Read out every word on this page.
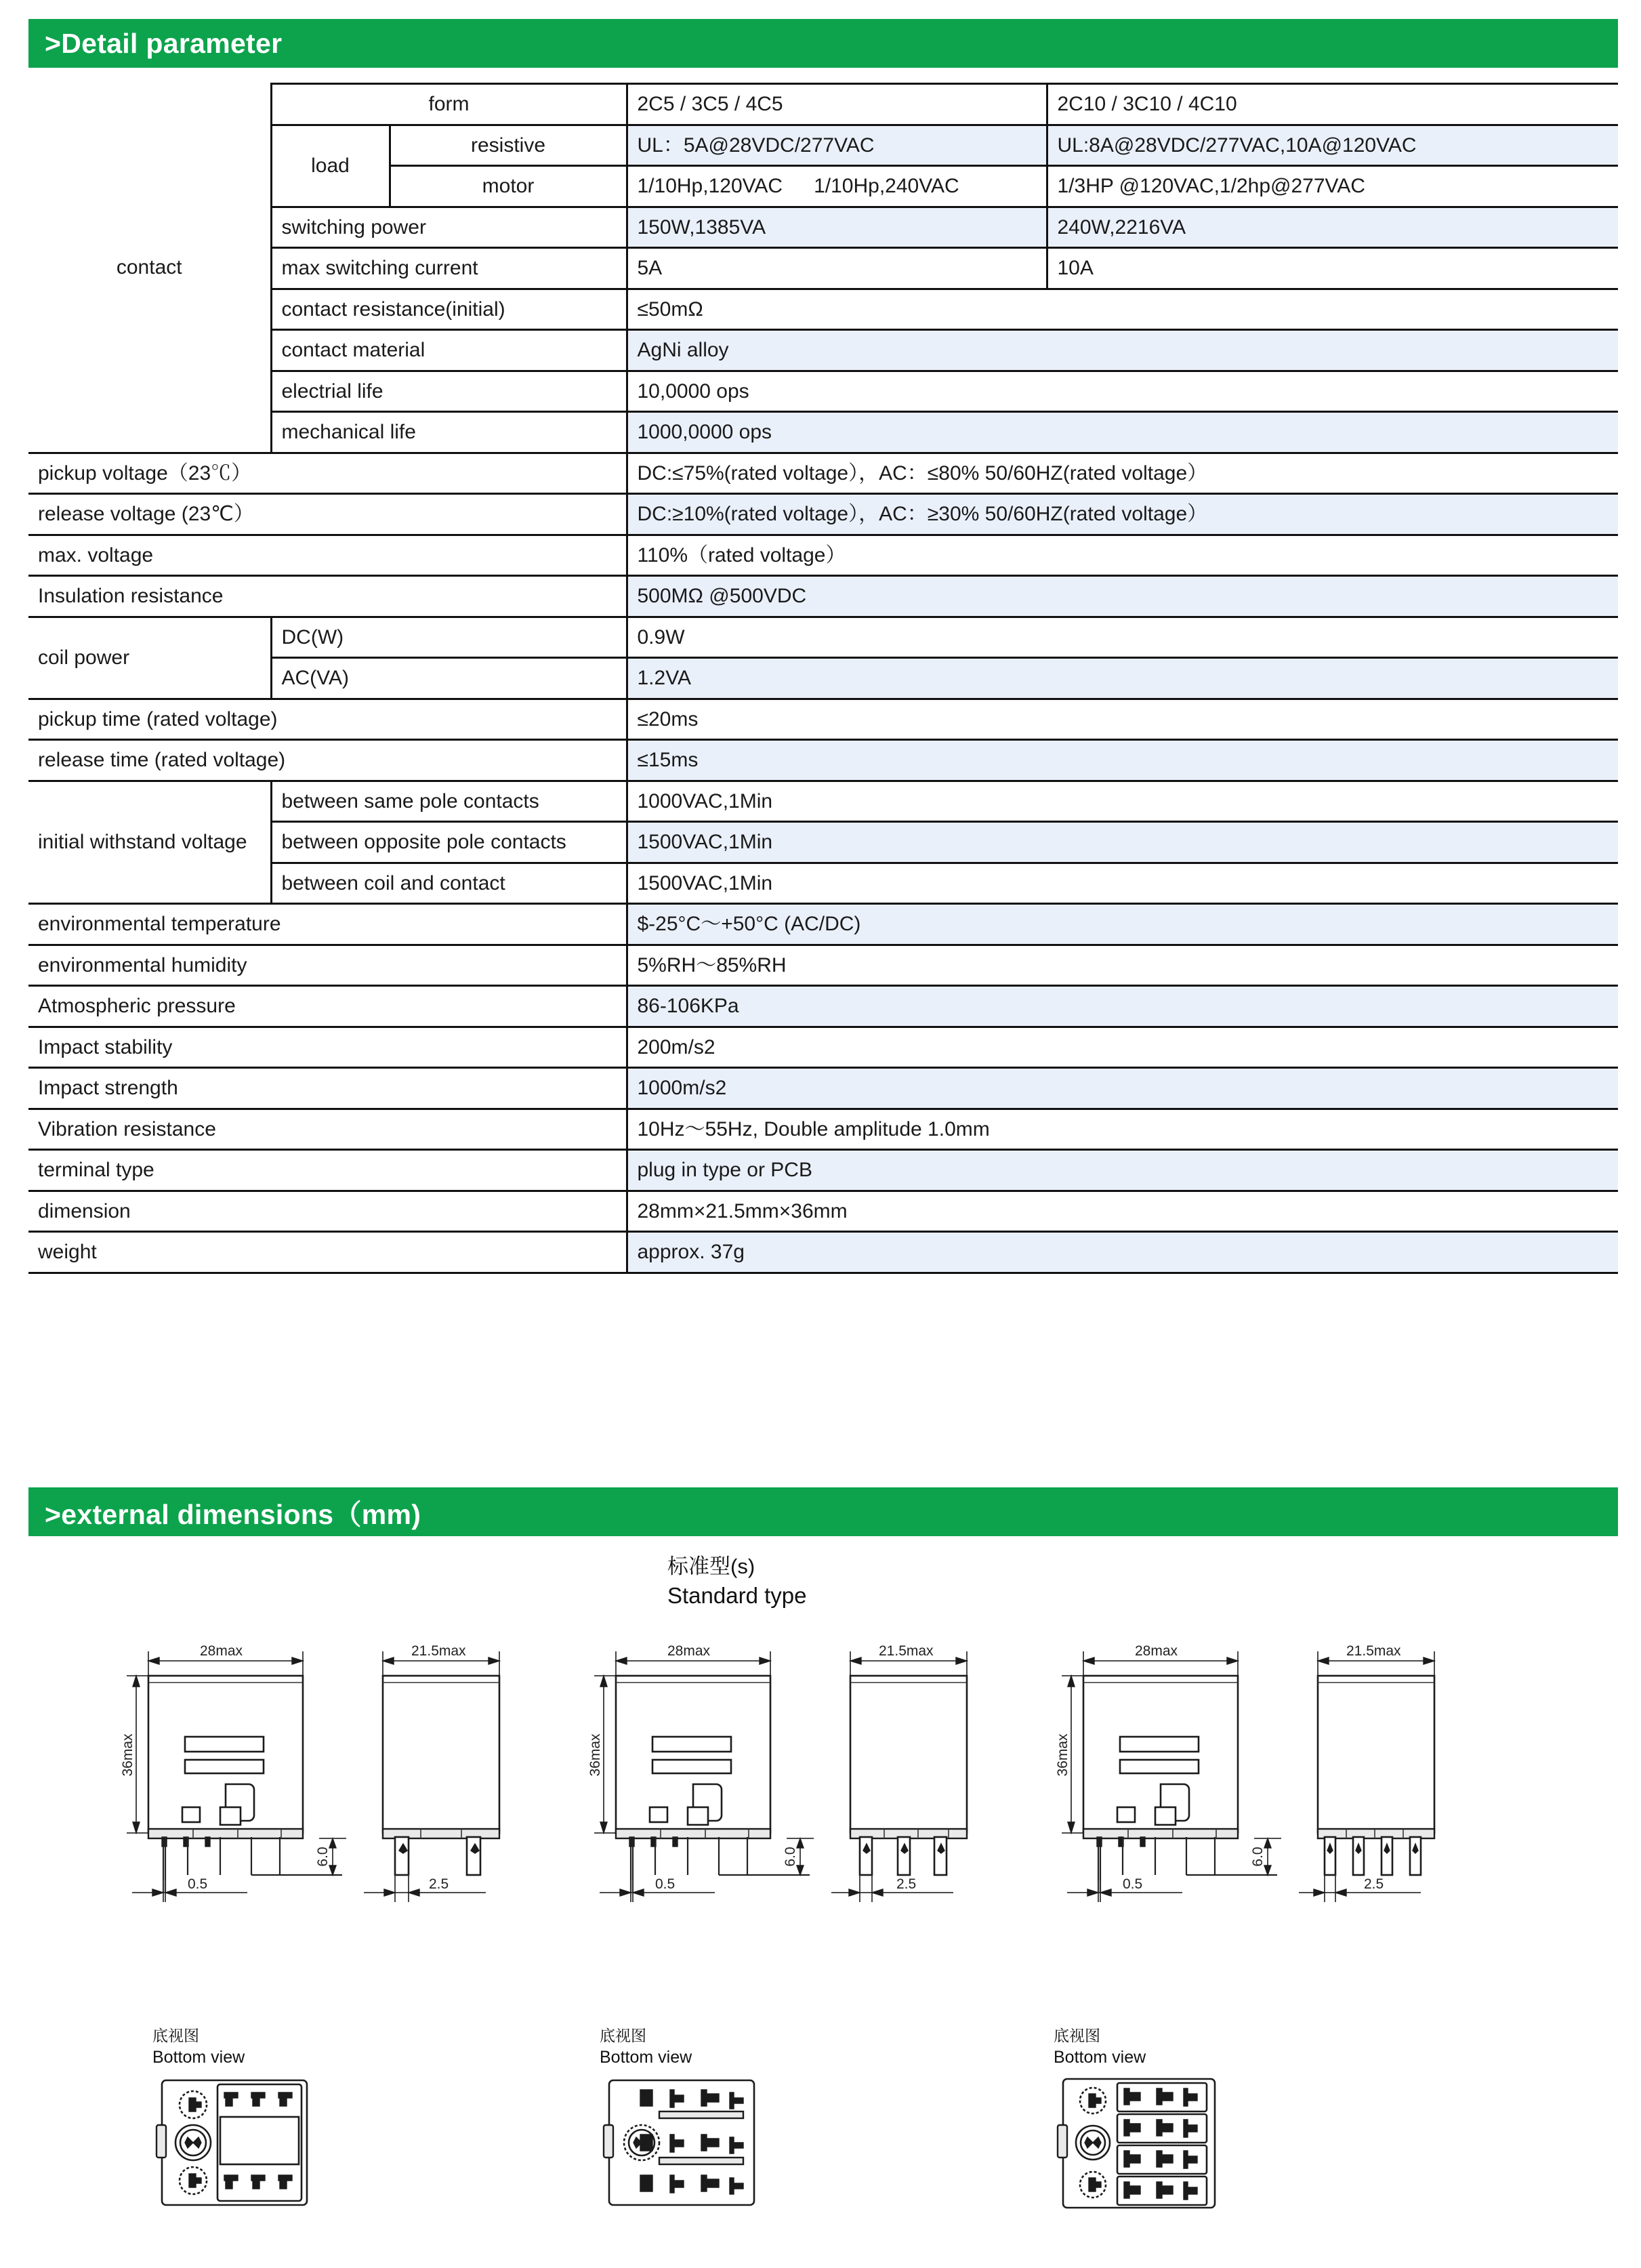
>Detail parameter
contact	form		2C5 / 3C5 / 4C5	2C10 / 3C10 / 4C10
	load	resistive	UL：5A@28VDC/277VAC	UL:8A@28VDC/277VAC,10A@120VAC
		motor	1/10Hp,120VAC 1/10Hp,240VAC	1/3HP @120VAC,1/2hp@277VAC
	switching power		150W,1385VA	240W,2216VA
	max switching current		5A	10A
	contact resistance(initial)		≤50mΩ	
	contact material		AgNi alloy	
	electrial life		10,0000 ops	
	mechanical life		1000,0000 ops	
pickup voltage（23℃）			DC:≤75%(rated voltage），AC：≤80% 50/60HZ(rated voltage）	
release voltage (23℃）			DC:≥10%(rated voltage），AC：≥30% 50/60HZ(rated voltage）	
max. voltage			110%（rated voltage）	
Insulation resistance			500MΩ @500VDC	
coil power	DC(W)		0.9W	
	AC(VA)		1.2VA	
pickup time (rated voltage)			≤20ms	
release time (rated voltage)			≤15ms	
initial withstand voltage	between same pole contacts		1000VAC,1Min	
	between opposite pole contacts		1500VAC,1Min	
	between coil and contact		1500VAC,1Min	
environmental temperature			$-25°C～+50°C (AC/DC)	
environmental humidity			5%RH～85%RH	
Atmospheric pressure			86-106KPa	
Impact stability			200m/s2	
Impact strength			1000m/s2	
Vibration resistance			10Hz～55Hz, Double amplitude 1.0mm	
terminal type			plug in type or PCB	
dimension			28mm×21.5mm×36mm	
weight			approx. 37g	
>external dimensions（mm)
标准型(s)
Standard type
28max
36max
6.0
0.5
21.5max
2.5
28max
36max
6.0
0.5
21.5max
2.5
28max
36max
6.0
0.5
21.5max
2.5
底视图
Bottom view
底视图
Bottom view
底视图
Bottom view
